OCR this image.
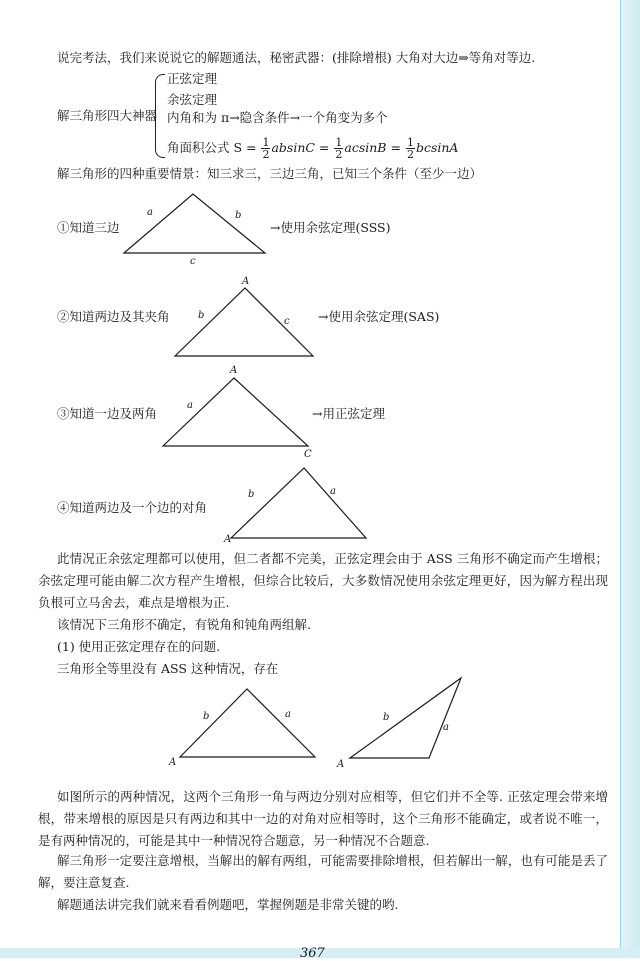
说完考法，我们来说说它的解题通法，秘密武器：(排除增根) 大角对大边⇒等角对等边.
解三角形四大神器
正弦定理
余弦定理
内角和为 π→隐含条件→一个角变为多个
角面积公式 $S = \frac{1}{2}$ $absinC = \frac{1}{2}$ $acsinB = \frac{1}{2}$ bcsinA
解三角形的四种重要情景：知三求三，三边三角，已知三个条件（至少一边）
①知道三边
a	b
c
→使用余弦定理(SSS)
②知道两边及其夹角
A
b
c →使用余弦定理(SAS)
③知道一边及两角
A
a
C
→用正弦定理
④知道两边及一个边的对角
A
b	a

此情况正余弦定理都可以使用，但二者都不完美，正弦定理会由于 ASS 三角形不确定而产生增根；余弦定理可能由解二次方程产生增根，但综合比较后，大多数情况使用余弦定理更好，因为解方程出现负根可立马舍去，难点是增根为正.

该情况下三角形不确定，有锐角和钝角两组解.

(1) 使用正弦定理存在的问题.

三角形全等里没有 ASS 这种情况，存在

A
b	a
A
b
a

如图所示的两种情况，这两个三角形一角与两边分别对应相等，但它们并不全等. 正弦定理会带来增根，带来增根的原因是只有两边和其中一边的对角对应相等时，这个三角形不能确定，或者说不唯一，是有两种情况的，可能是其中一种情况符合题意，另一种情况不合题意.

解三角形一定要注意增根，当解出的解有两组，可能需要排除增根，但若解出一解，也有可能是丢了解，要注意复查.

解题通法讲完我们就来看看例题吧，掌握例题是非常关键的哟.

367
